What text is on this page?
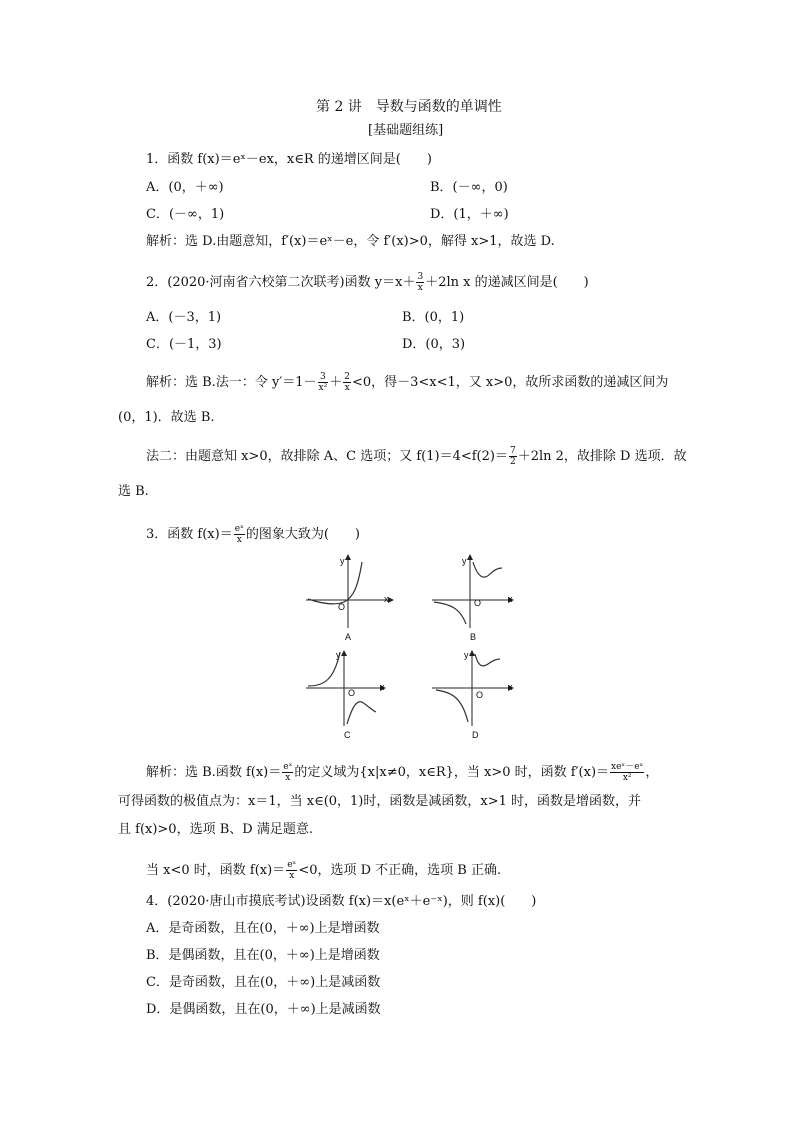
第 2 讲　导数与函数的单调性
[基础题组练]
1．函数 f(x)＝eˣ－ex，x∈R 的递增区间是(　　)
A．(0，＋∞)	B．(－∞，0)
C．(－∞，1)	D．(1，＋∞)
解析：选 D.由题意知，f′(x)＝eˣ－e，令 f′(x)>0，解得 x>1，故选 D.
2．(2020·河南省六校第二次联考)函数 $y=x+ \frac{3}{x} +2\ln$ x 的递减区间是(　　)
A．(－3，1)	B．(0，1)
C．(－1，3)	D．(0，3)
解析：选 B.法一：令 $y'=1- \frac{3}{\text{x²}} + \frac{2}{x} <0$，得－3<x<1，又 x>0，故所求函数的递减区间为
(0，1)．故选 B.
法二：由题意知 x>0，故排除 A、C 选项；又 $f(1)=4<f(2)= \frac{7}{2} +2\ln$ 2，故排除 D 选项．故
选 B.
3．函数 $f(x)= \frac{\text{eˣ}}{x}$ 的图象大致为(　　)
y
x
O
A
y
x
O
B
y
x
O
C
y
x
O
D
解析：选 B.函数 $f(x)= \frac{\text{eˣ}}{x}$ 的定义域为{x|x≠0，x∈R}，当 x>0 时，函数 $f'(x)= \frac{\text{xeˣ－eˣ}}{\text{x²}}$ ，
可得函数的极值点为：x＝1，当 x∈(0，1)时，函数是减函数，x>1 时，函数是增函数，并
且 f(x)>0，选项 B、D 满足题意.
当 x<0 时，函数 $f(x)= \frac{\text{eˣ}}{x} <0$，选项 D 不正确，选项 B 正确.
4．(2020·唐山市摸底考试)设函数 f(x)＝x(eˣ＋e⁻ˣ)，则 f(x)(　　)
A．是奇函数，且在(0，＋∞)上是增函数
B．是偶函数，且在(0，＋∞)上是增函数
C．是奇函数，且在(0，＋∞)上是减函数
D．是偶函数，且在(0，＋∞)上是减函数
